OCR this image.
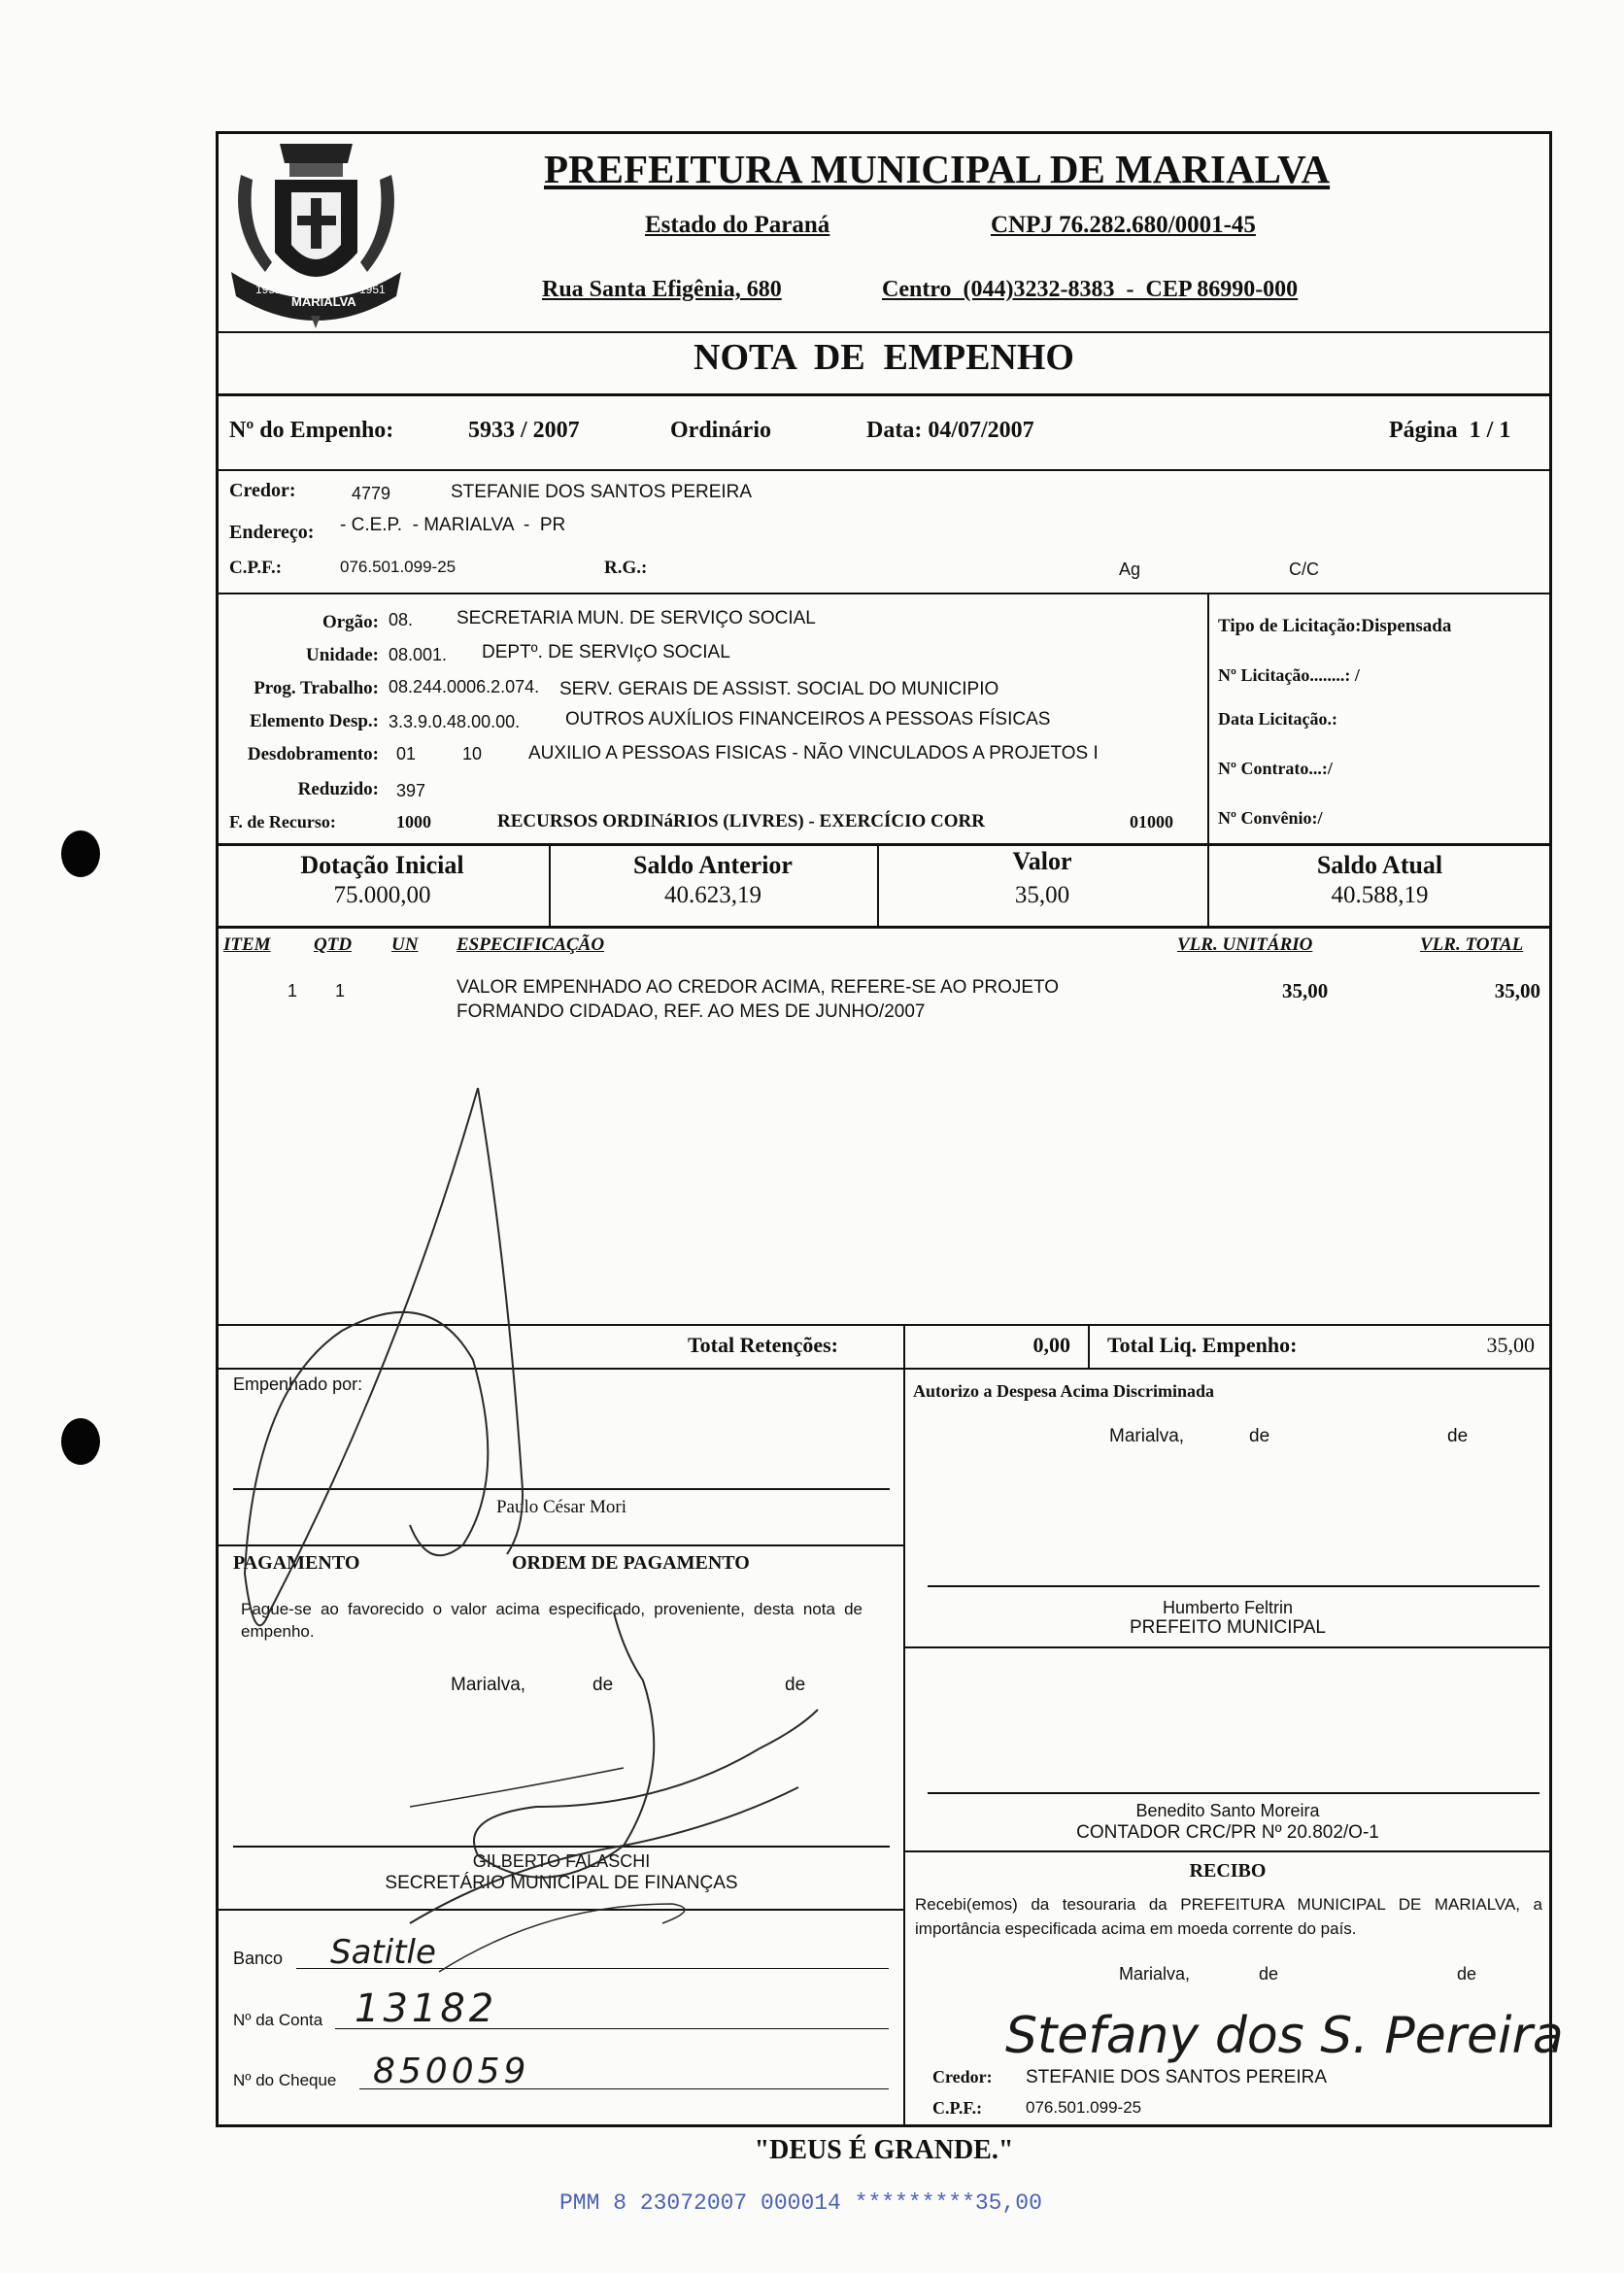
1951
MARIALVA
1951
PREFEITURA MUNICIPAL DE MARIALVA
Estado do Paraná	CNPJ 76.282.680/0001-45
Rua Santa Efigênia, 680	Centro  (044)3232-8383  -  CEP 86990-000
NOTA  DE  EMPENHO
Nº do Empenho:	5933 / 2007	Ordinário	Data: 04/07/2007	Página  1 / 1
Credor:	4779	STEFANIE DOS SANTOS PEREIRA
Endereço: - C.E.P.  - MARIALVA  -  PR
C.P.F.:	076.501.099-25	R.G.:	Ag	C/C
Orgão: 08. SECRETARIA MUN. DE SERVIÇO SOCIAL
Unidade: 08.001. DEPTº. DE SERVIçO SOCIAL
Prog. Trabalho: 08.244.0006.2.074. SERV. GERAIS DE ASSIST. SOCIAL DO MUNICIPIO
Elemento Desp.: 3.3.9.0.48.00.00. OUTROS AUXÍLIOS FINANCEIROS A PESSOAS FÍSICAS
Desdobramento: 01	10	AUXILIO A PESSOAS FISICAS - NÃO VINCULADOS A PROJETOS I
Reduzido: 397
F. de Recurso:	1000	RECURSOS ORDINáRIOS (LIVRES) - EXERCÍCIO CORR	01000
Tipo de Licitação:Dispensada
Nº Licitação........: /
Data Licitação.:
Nº Contrato...:/
Nº Convênio:/
Dotação Inicial
75.000,00
Saldo Anterior
40.623,19
Valor
35,00
Saldo Atual
40.588,19
ITEM QTD UN ESPECIFICAÇÃO	VLR. UNITÁRIO	VLR. TOTAL
1 1	VALOR EMPENHADO AO CREDOR ACIMA, REFERE-SE AO PROJETO
FORMANDO CIDADAO, REF. AO MES DE JUNHO/2007
35,00	35,00
Total Retenções:	0,00 Total Liq. Empenho:	35,00
Empenhado por:
Paulo César Mori
PAGAMENTO	ORDEM DE PAGAMENTO
Pague-se ao favorecido o valor acima especificado, proveniente, desta nota de empenho.
Marialva,	de	de
GILBERTO FALASCHI
SECRETÁRIO MUNICIPAL DE FINANÇAS
Banco Satitle
Nº da Conta 13182
Nº do Cheque 850059
Autorizo a Despesa Acima Discriminada
Marialva,	de	de
Humberto Feltrin
PREFEITO MUNICIPAL
Benedito Santo Moreira
CONTADOR CRC/PR Nº 20.802/O-1
RECIBO
Recebi(emos) da tesouraria da PREFEITURA MUNICIPAL DE MARIALVA, a importância especificada acima em moeda corrente do país.
Marialva,	de	de
Stefany dos S. Pereira
Credor: STEFANIE DOS SANTOS PEREIRA
C.P.F.:	076.501.099-25
"DEUS É GRANDE."
PMM 8 23072007 000014 *********35,00
